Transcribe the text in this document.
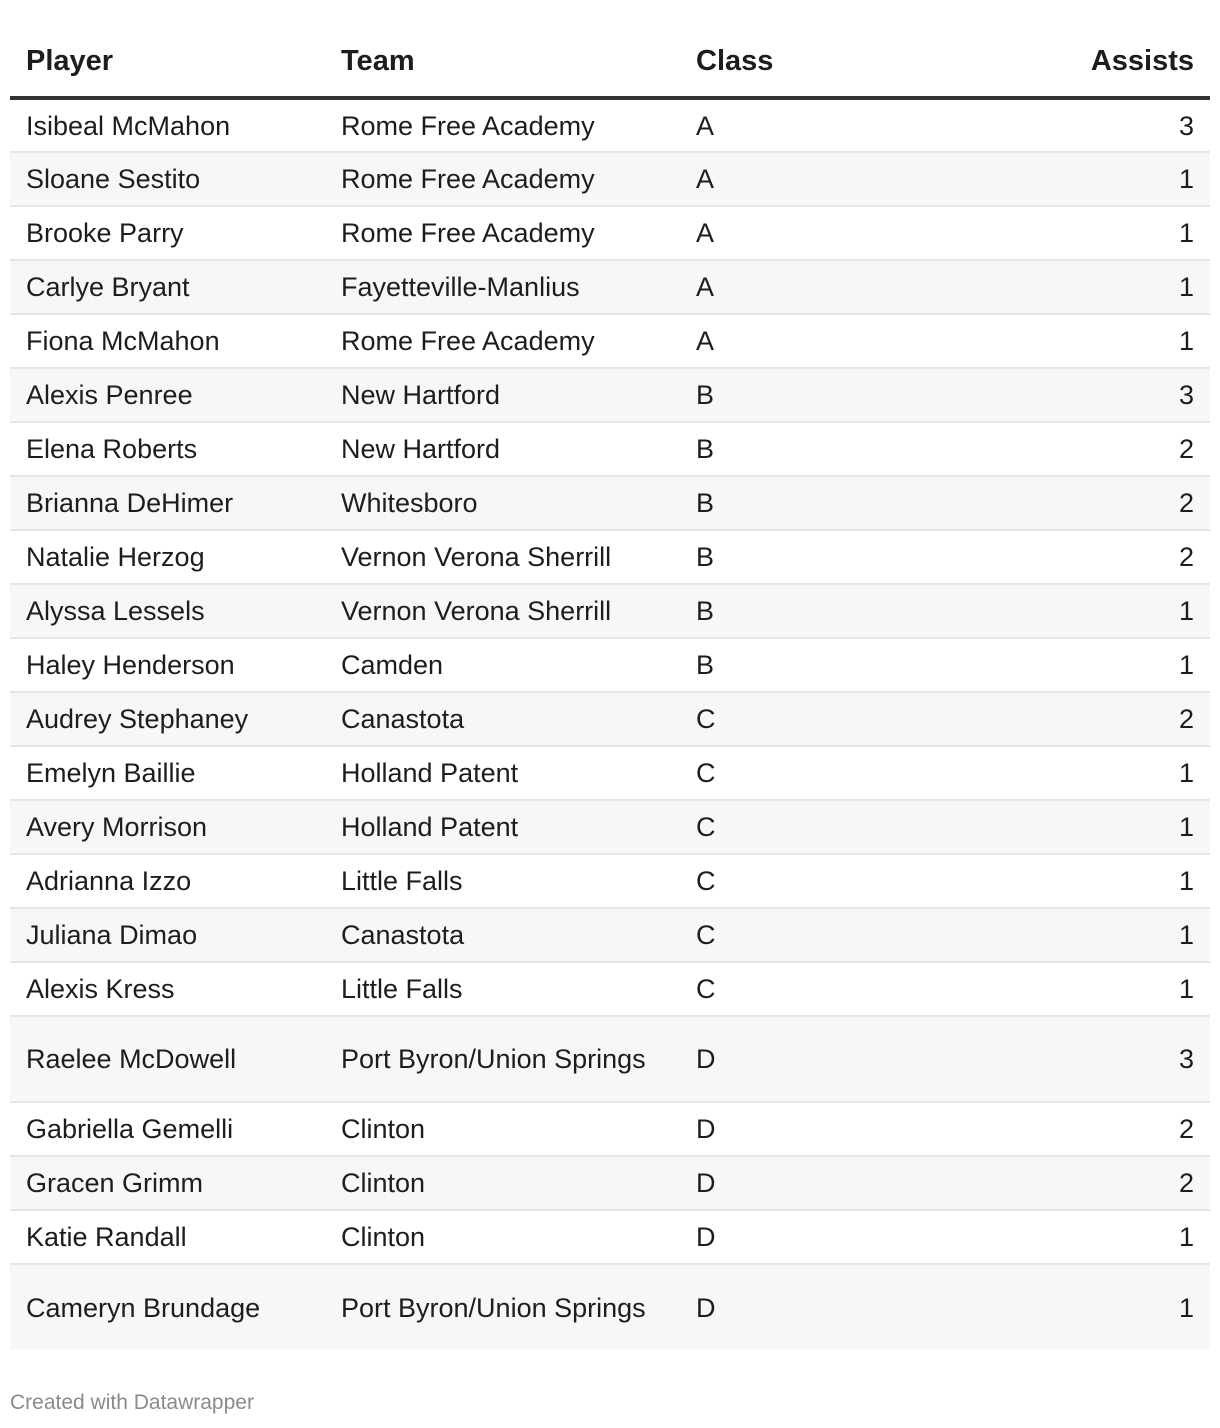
Player	Team	Class	Assists
Isibeal McMahon	Rome Free Academy	A	3
Sloane Sestito	Rome Free Academy	A	1
Brooke Parry	Rome Free Academy	A	1
Carlye Bryant	Fayetteville-Manlius	A	1
Fiona McMahon	Rome Free Academy	A	1
Alexis Penree	New Hartford	B	3
Elena Roberts	New Hartford	B	2
Brianna DeHimer	Whitesboro	B	2
Natalie Herzog	Vernon Verona Sherrill	B	2
Alyssa Lessels	Vernon Verona Sherrill	B	1
Haley Henderson	Camden	B	1
Audrey Stephaney	Canastota	C	2
Emelyn Baillie	Holland Patent	C	1
Avery Morrison	Holland Patent	C	1
Adrianna Izzo	Little Falls	C	1
Juliana Dimao	Canastota	C	1
Alexis Kress	Little Falls	C	1
Raelee McDowell	Port Byron/Union Springs	D	3
Gabriella Gemelli	Clinton	D	2
Gracen Grimm	Clinton	D	2
Katie Randall	Clinton	D	1
Cameryn Brundage	Port Byron/Union Springs	D	1
Created with Datawrapper
